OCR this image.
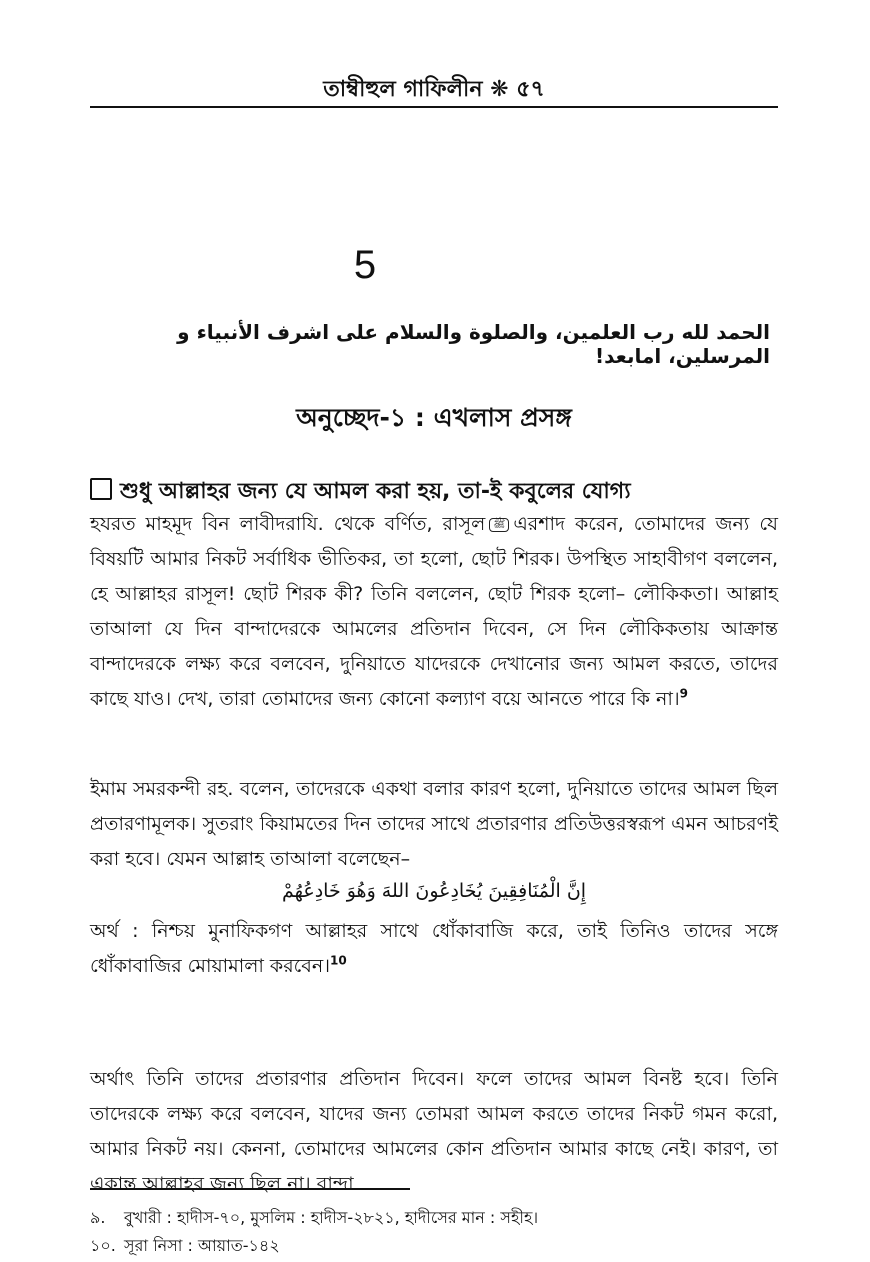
তাম্বীহুল গাফিলীন ❋ ৫৭
5
الحمد لله رب العلمين، والصلوة والسلام على اشرف الأنبياء و المرسلين، امابعد!
অনুচ্ছেদ-১ : এখলাস প্রসঙ্গ
শুধু আল্লাহর জন্য যে আমল করা হয়, তা-ই কবুলের যোগ্য
হযরত মাহমূদ বিন লাবীদরাযি. থেকে বর্ণিত, রাসূল ﷺ এরশাদ করেন, তোমাদের জন্য যে বিষয়টি আমার নিকট সর্বাধিক ভীতিকর, তা হলো, ছোট শিরক। উপস্থিত সাহাবীগণ বললেন, হে আল্লাহর রাসূল! ছোট শিরক কী? তিনি বললেন, ছোট শিরক হলো– লৌকিকতা। আল্লাহ তাআলা যে দিন বান্দাদেরকে আমলের প্রতিদান দিবেন, সে দিন লৌকিকতায় আক্রান্ত বান্দাদেরকে লক্ষ্য করে বলবেন, দুনিয়াতে যাদেরকে দেখানোর জন্য আমল করতে, তাদের কাছে যাও। দেখ, তারা তোমাদের জন্য কোনো কল্যাণ বয়ে আনতে পারে কি না।$^9$
ইমাম সমরকন্দী রহ. বলেন, তাদেরকে একথা বলার কারণ হলো, দুনিয়াতে তাদের আমল ছিল প্রতারণামূলক। সুতরাং কিয়ামতের দিন তাদের সাথে প্রতারণার প্রতিউত্তরস্বরূপ এমন আচরণই করা হবে। যেমন আল্লাহ তাআলা বলেছেন–
إِنَّ الْمُنَافِقِينَ يُخَادِعُونَ اللهَ وَهُوَ خَادِعُهُمْ
অর্থ : নিশ্চয় মুনাফিকগণ আল্লাহর সাথে ধোঁকাবাজি করে, তাই তিনিও তাদের সঙ্গে ধোঁকাবাজির মোয়ামালা করবেন।$^{10}$
অর্থাৎ তিনি তাদের প্রতারণার প্রতিদান দিবেন। ফলে তাদের আমল বিনষ্ট হবে। তিনি তাদেরকে লক্ষ্য করে বলবেন, যাদের জন্য তোমরা আমল করতে তাদের নিকট গমন করো, আমার নিকট নয়। কেননা, তোমাদের আমলের কোন প্রতিদান আমার কাছে নেই। কারণ, তা একান্ত আল্লাহর জন্য ছিল না। বান্দা
৯. বুখারী : হাদীস-৭০, মুসলিম : হাদীস-২৮২১, হাদীসের মান : সহীহ।
১০. সূরা নিসা : আয়াত-১৪২
